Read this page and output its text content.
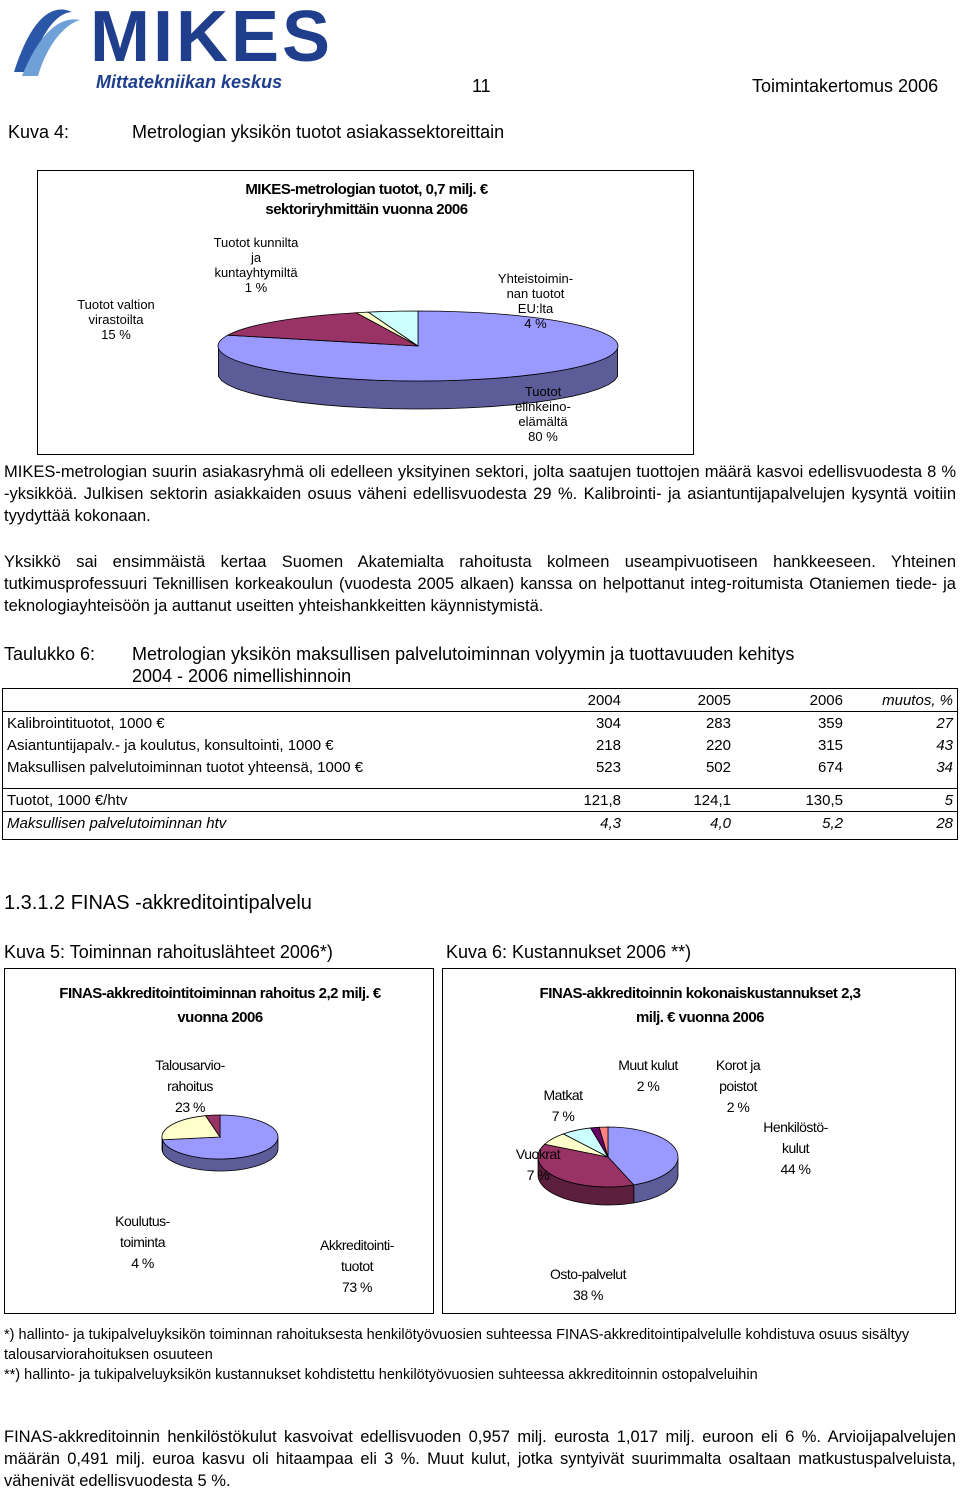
MIKES
Mittatekniikan keskus	11	Toimintakertomus 2006
Kuva 4:	Metrologian yksikön tuotot asiakassektoreittain
MIKES-metrologian tuotot, 0,7 milj. €
sektoriryhmittäin vuonna 2006
Tuotot kunnilta
ja
kuntayhtymiltä
1 %
Tuotot valtion
virastoilta
15 %
Yhteistoimin-
nan tuotot
EU:lta
4 %
Tuotot
elinkeino-
elämältä
80 %
MIKES-metrologian suurin asiakasryhmä oli edelleen yksityinen sektori, jolta saatujen tuottojen määrä kasvoi edellisvuodesta 8 % -yksikköä. Julkisen sektorin asiakkaiden osuus väheni edellisvuodesta 29 %. Kalibrointi- ja asiantuntijapalvelujen kysyntä voitiin tyydyttää kokonaan.
Yksikkö sai ensimmäistä kertaa Suomen Akatemialta rahoitusta kolmeen useampivuotiseen hankkeeseen. Yhteinen tutkimusprofessuuri Teknillisen korkeakoulun (vuodesta 2005 alkaen) kanssa on helpottanut integ-roitumista Otaniemen tiede- ja teknologiayhteisöön ja auttanut useitten yhteishankkeitten käynnistymistä.
Taulukko 6: Metrologian yksikön maksullisen palvelutoiminnan volyymin ja tuottavuuden kehitys
2004 - 2006 nimellishinnoin
	2004	2005	2006	muutos, %
Kalibrointituotot, 1000 €	304	283	359	27
Asiantuntijapalv.- ja koulutus, konsultointi, 1000 €	218	220	315	43
Maksullisen palvelutoiminnan tuotot yhteensä, 1000 €	523	502	674	34

Tuotot, 1000 €/htv	121,8	124,1	130,5	5
Maksullisen palvelutoiminnan htv	4,3	4,0	5,2	28
1.3.1.2 FINAS -akkreditointipalvelu
Kuva 5: Toiminnan rahoituslähteet 2006*)	Kuva 6: Kustannukset 2006 **)
FINAS-akkreditointitoiminnan rahoitus 2,2 milj. €
vuonna 2006
Talousarvio-
rahoitus
23 %
Koulutus-
toiminta
4 %
Akkreditointi-
tuotot
73 %
FINAS-akkreditoinnin kokonaiskustannukset 2,3
milj. € vuonna 2006
Muut kulut
2 %
Korot ja
poistot
2 %
Matkat
7 %
Henkilöstö-
kulut
44 %
Vuokrat
7 %
Osto-palvelut
38 %
*) hallinto- ja tukipalveluyksikön toiminnan rahoituksesta henkilötyövuosien suhteessa FINAS-akkreditointipalvelulle kohdistuva osuus sisältyy talousarviorahoituksen osuuteen
**) hallinto- ja tukipalveluyksikön kustannukset kohdistettu henkilötyövuosien suhteessa akkreditoinnin ostopalveluihin
FINAS-akkreditoinnin henkilöstökulut kasvoivat edellisvuoden 0,957 milj. eurosta 1,017 milj. euroon eli 6 %. Arvioijapalvelujen määrän 0,491 milj. euroa kasvu oli hitaampaa eli 3 %. Muut kulut, jotka syntyivät suurimmalta osaltaan matkustuspalveluista, vähenivät edellisvuodesta 5 %.
